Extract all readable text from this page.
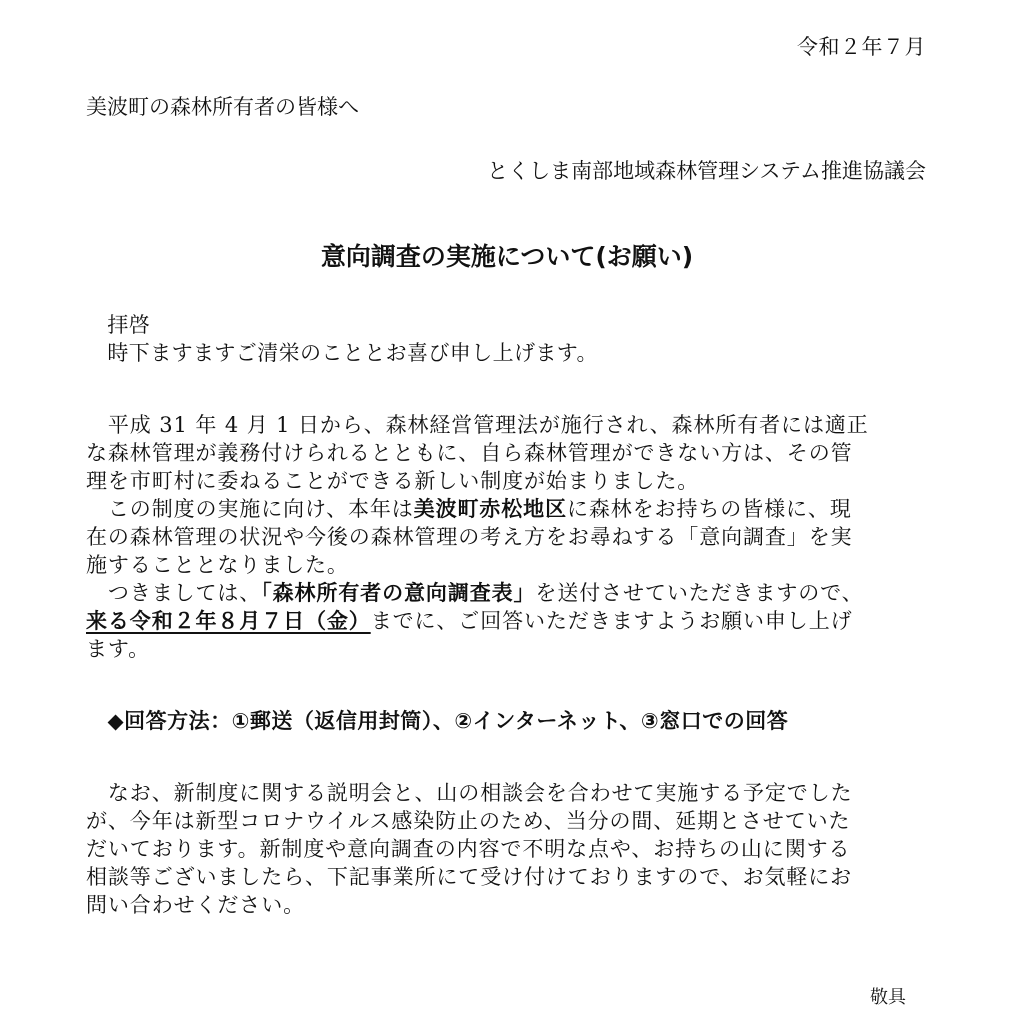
令和２年７月
美波町の森林所有者の皆様へ
とくしま南部地域森林管理システム推進協議会
意向調査の実施について(お願い)
　拝啓
　時下ますますご清栄のこととお喜び申し上げます。
　平成 31 年 4 月 1 日から、森林経営管理法が施行され、森林所有者には適正
な森林管理が義務付けられるとともに、自ら森林管理ができない方は、その管
理を市町村に委ねることができる新しい制度が始まりました。
　この制度の実施に向け、本年は美波町赤松地区に森林をお持ちの皆様に、現
在の森林管理の状況や今後の森林管理の考え方をお尋ねする「意向調査」を実
施することとなりました。
　つきましては、「森林所有者の意向調査表」を送付させていただきますので、
来る令和２年８月７日（金）までに、ご回答いただきますようお願い申し上げ
ます。
　◆回答方法：①郵送（返信用封筒）、②インターネット、③窓口での回答
　なお、新制度に関する説明会と、山の相談会を合わせて実施する予定でした
が、今年は新型コロナウイルス感染防止のため、当分の間、延期とさせていた
だいております。新制度や意向調査の内容で不明な点や、お持ちの山に関する
相談等ございましたら、下記事業所にて受け付けておりますので、お気軽にお
問い合わせください。
敬具
